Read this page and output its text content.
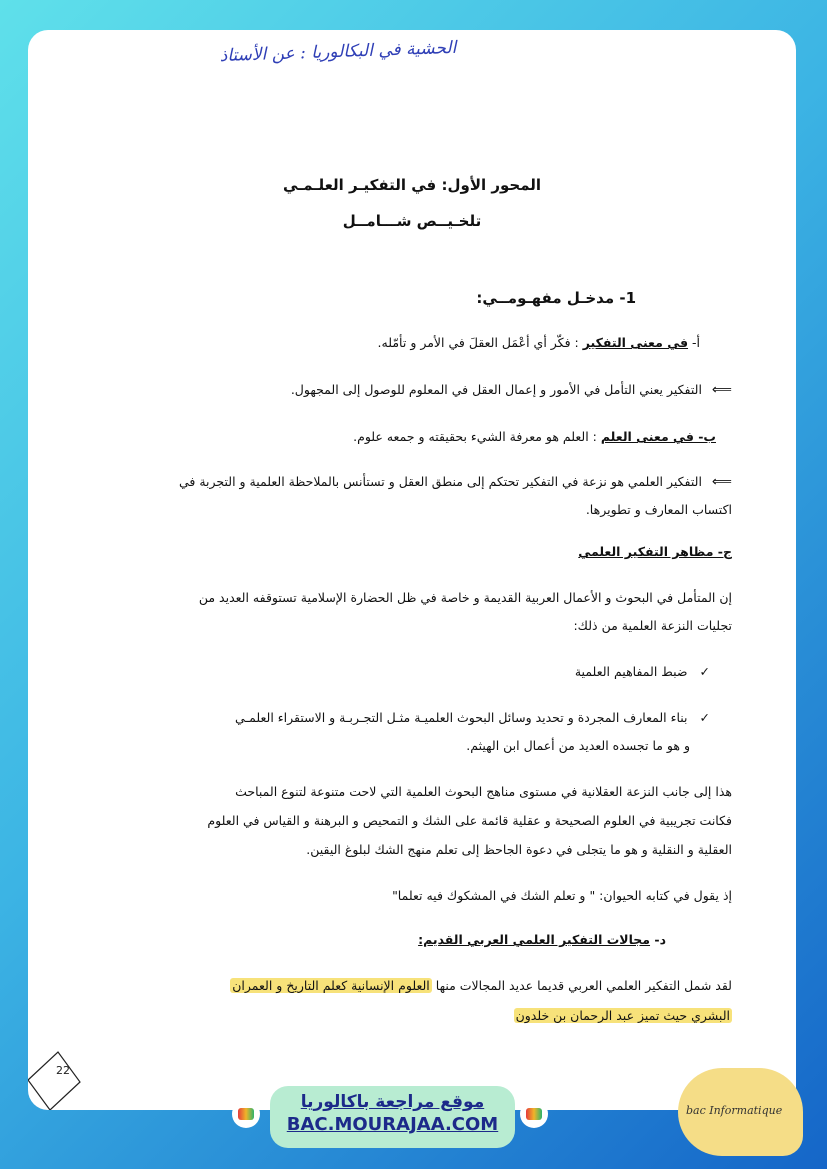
الحشية في البكالوريا : عن الأستاذ
المحور الأول: في التفكيـر العلـمـي
تلخـيــص شـــامــل
1- مدخـل مفهـومــي:
أ- في معنى التفكير : فكّر أي أعْمَل العقلَ في الأمر و تأمّله.
⟸ التفكير يعني التأمل في الأمور و إعمال العقل في المعلوم للوصول إلى المجهول.
ب- في معنى العلم : العلم هو معرفة الشيء بحقيقته و جمعه علوم.
⟸ التفكير العلمي هو نزعة في التفكير تحتكم إلى منطق العقل و تستأنس بالملاحظة العلمية و التجربة في
اكتساب المعارف و تطويرها.
ج- مظاهر التفكير العلمي
إن المتأمل في البحوث و الأعمال العربية القديمة و خاصة في ظل الحضارة الإسلامية تستوقفه العديد من
تجليات النزعة العلمية من ذلك:
✓ ضبط المفاهيم العلمية
✓ بناء المعارف المجردة و تحديد وسائل البحوث العلميـة مثـل التجـربـة و الاستقراء العلمـي
و هو ما تجسده العديد من أعمال ابن الهيثم.
هذا إلى جانب النزعة العقلانية في مستوى مناهج البحوث العلمية التي لاحت متنوعة لتنوع المباحث
فكانت تجريبية في العلوم الصحيحة و عقلية قائمة على الشك و التمحيص و البرهنة و القياس في العلوم
العقلية و النقلية و هو ما يتجلى في دعوة الجاحظ إلى تعلم منهج الشك لبلوغ اليقين.
إذ يقول في كتابه الحيوان: " و تعلم الشك في المشكوك فيه تعلما"
د- مجالات التفكير العلمي العربي القديم:
لقد شمل التفكير العلمي العربي قديما عديد المجالات منها العلوم الإنسانية كعلم التاريخ و العمران
البشري حيث تميز عبد الرحمان بن خلدون
22
موقع مراجعة باكالوريا
BAC.MOURAJAA.COM
bac Informatique
